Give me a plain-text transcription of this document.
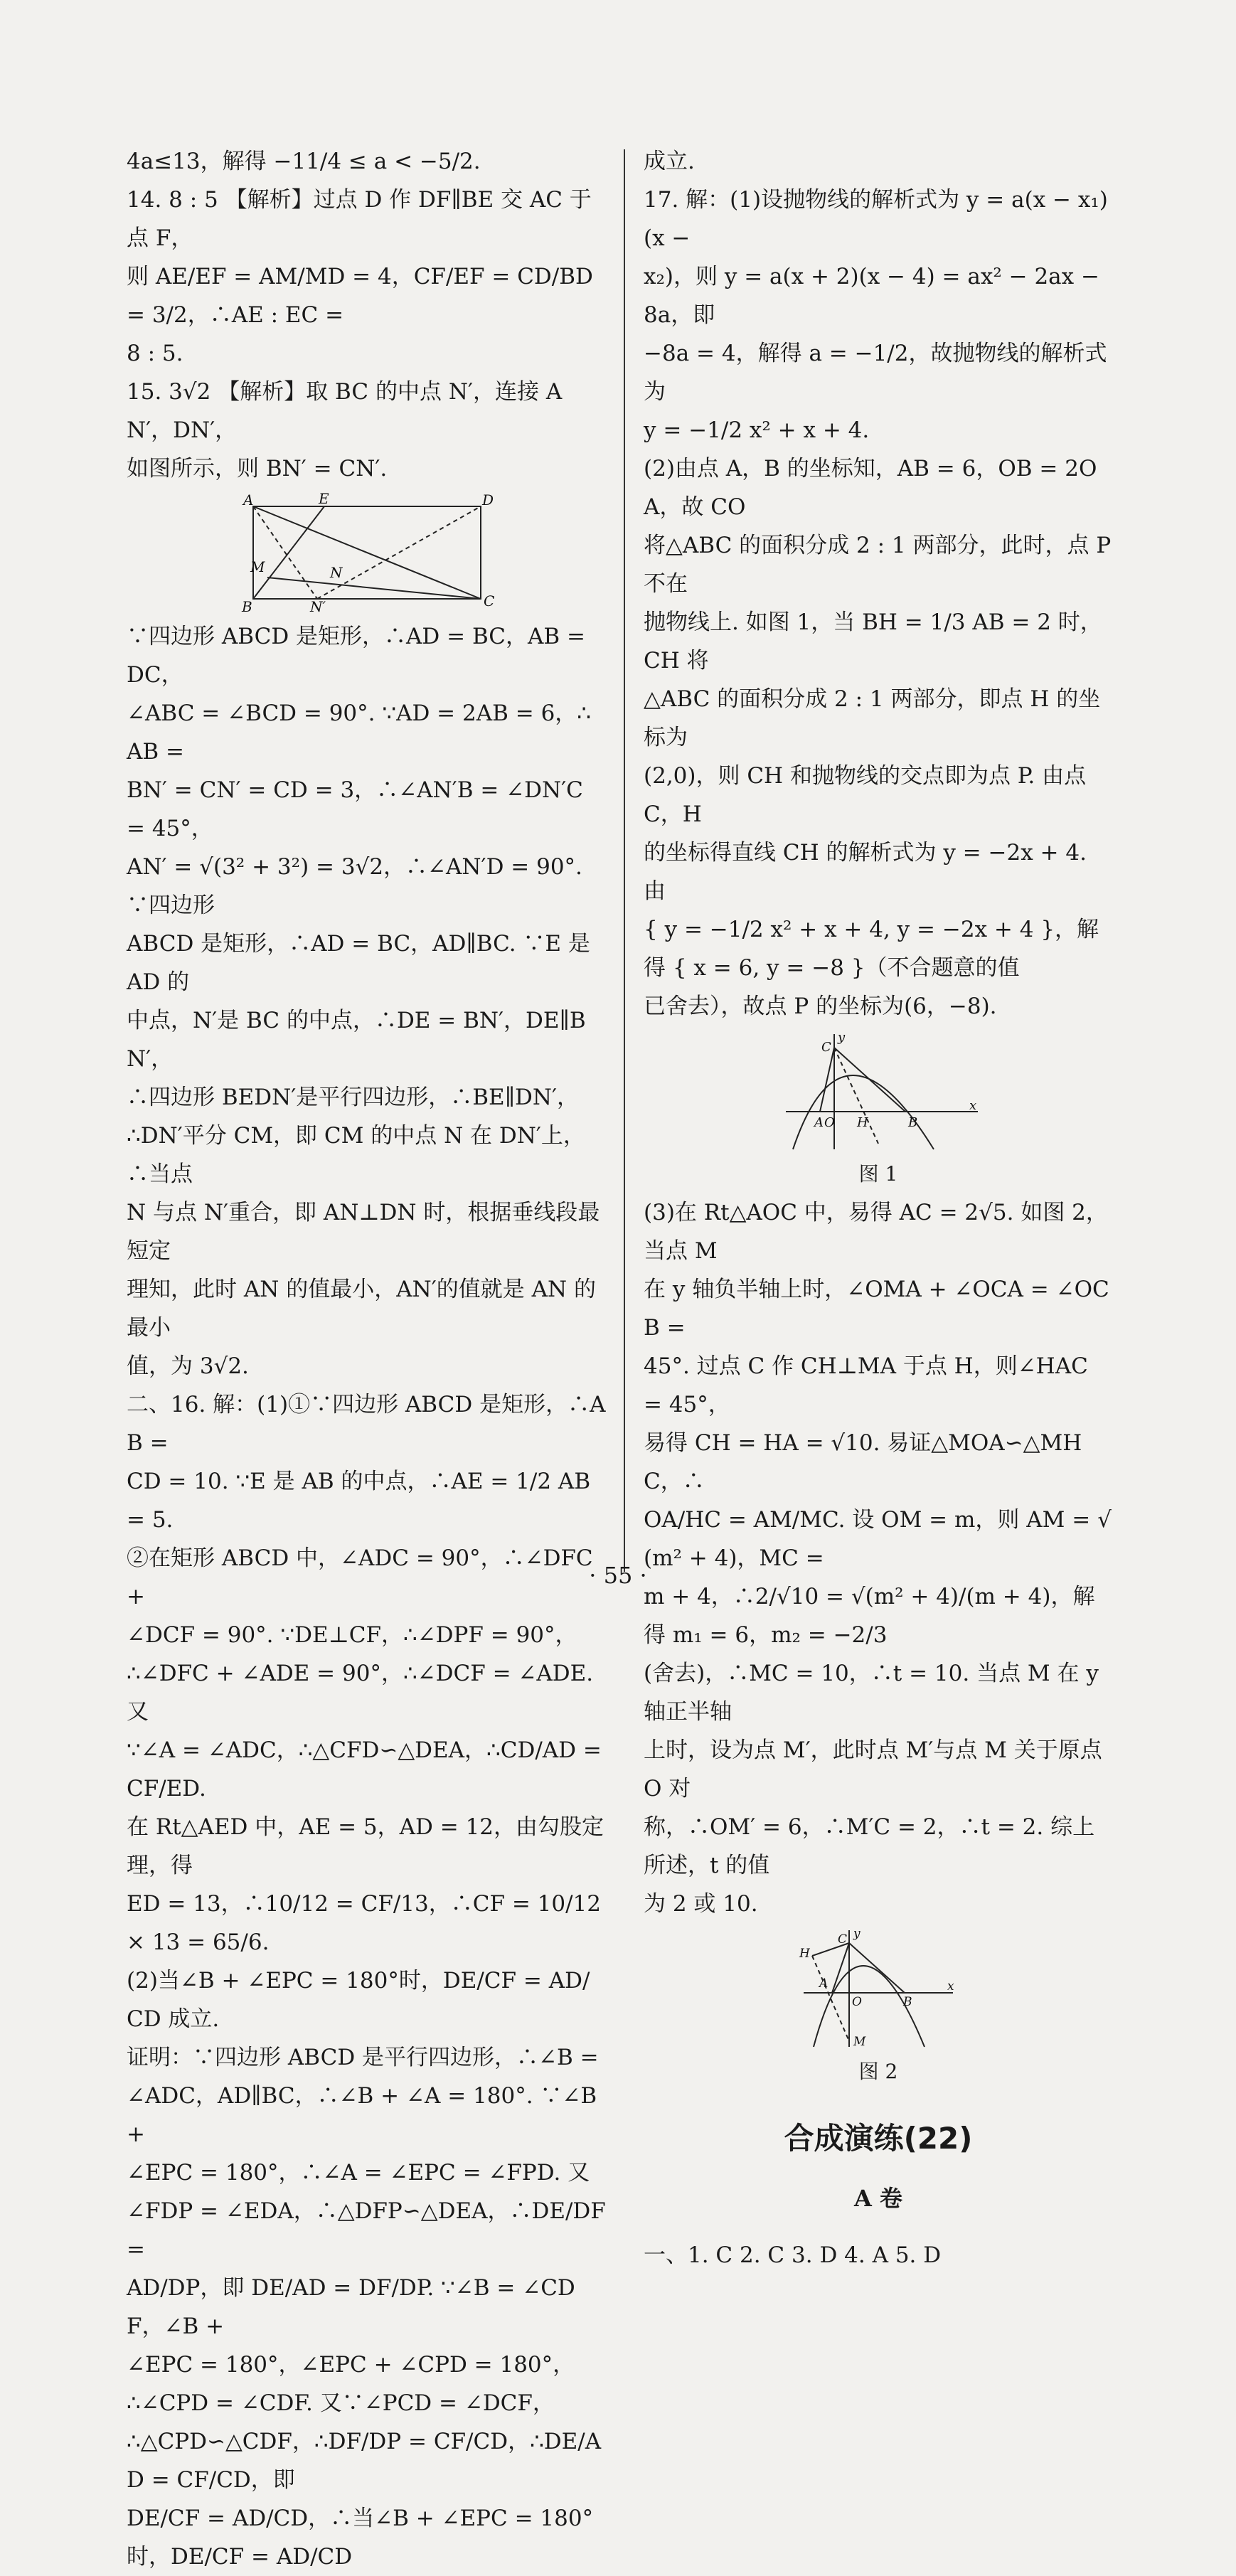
4a≤13，解得 −11/4 ≤ a < −5/2.

14. 8 : 5 【解析】过点 D 作 DF∥BE 交 AC 于点 F，

则 AE/EF = AM/MD = 4，CF/EF = CD/BD = 3/2，∴AE : EC =

8 : 5.

15. 3√2 【解析】取 BC 的中点 N′，连接 AN′，DN′，

如图所示，则 BN′ = CN′.

A	E	D
M	N
B	N′	C

∵四边形 ABCD 是矩形，∴AD = BC，AB = DC，

∠ABC = ∠BCD = 90°. ∵AD = 2AB = 6，∴AB =

BN′ = CN′ = CD = 3，∴∠AN′B = ∠DN′C = 45°，

AN′ = √(3² + 3²) = 3√2，∴∠AN′D = 90°. ∵四边形

ABCD 是矩形，∴AD = BC，AD∥BC. ∵E 是 AD 的

中点，N′是 BC 的中点，∴DE = BN′，DE∥BN′，

∴四边形 BEDN′是平行四边形，∴BE∥DN′，

∴DN′平分 CM，即 CM 的中点 N 在 DN′上，∴当点

N 与点 N′重合，即 AN⊥DN 时，根据垂线段最短定

理知，此时 AN 的值最小，AN′的值就是 AN 的最小

值，为 3√2.

二、16. 解：(1)①∵四边形 ABCD 是矩形，∴AB =

CD = 10. ∵E 是 AB 的中点，∴AE = 1/2 AB = 5.

②在矩形 ABCD 中，∠ADC = 90°，∴∠DFC +

∠DCF = 90°. ∵DE⊥CF，∴∠DPF = 90°，

∴∠DFC + ∠ADE = 90°，∴∠DCF = ∠ADE. 又

∵∠A = ∠ADC，∴△CFD∽△DEA，∴CD/AD = CF/ED.

在 Rt△AED 中，AE = 5，AD = 12，由勾股定理，得

ED = 13，∴10/12 = CF/13，∴CF = 10/12 × 13 = 65/6.

(2)当∠B + ∠EPC = 180°时，DE/CF = AD/CD 成立.

证明：∵四边形 ABCD 是平行四边形，∴∠B =

∠ADC，AD∥BC，∴∠B + ∠A = 180°. ∵∠B +

∠EPC = 180°，∴∠A = ∠EPC = ∠FPD. 又

∠FDP = ∠EDA，∴△DFP∽△DEA，∴DE/DF =

AD/DP，即 DE/AD = DF/DP. ∵∠B = ∠CDF，∠B +

∠EPC = 180°，∠EPC + ∠CPD = 180°，

∴∠CPD = ∠CDF. 又∵∠PCD = ∠DCF，

∴△CPD∽△CDF，∴DF/DP = CF/CD，∴DE/AD = CF/CD，即

DE/CF = AD/CD，∴当∠B + ∠EPC = 180°时，DE/CF = AD/CD

成立.

17. 解：(1)设抛物线的解析式为 y = a(x − x₁)(x −

x₂)，则 y = a(x + 2)(x − 4) = ax² − 2ax − 8a，即

−8a = 4，解得 a = −1/2，故抛物线的解析式为

y = −1/2 x² + x + 4.

(2)由点 A，B 的坐标知，AB = 6，OB = 2OA，故 CO

将△ABC 的面积分成 2 : 1 两部分，此时，点 P 不在

抛物线上. 如图 1，当 BH = 1/3 AB = 2 时，CH 将

△ABC 的面积分成 2 : 1 两部分，即点 H 的坐标为

(2,0)，则 CH 和抛物线的交点即为点 P. 由点 C，H

的坐标得直线 CH 的解析式为 y = −2x + 4. 由

{ y = −1/2 x² + x + 4, y = −2x + 4 }，解得 { x = 6, y = −8 }（不合题意的值

已舍去），故点 P 的坐标为(6，−8).

y
C
A O H	B
x
图 1

(3)在 Rt△AOC 中，易得 AC = 2√5. 如图 2，当点 M

在 y 轴负半轴上时，∠OMA + ∠OCA = ∠OCB =

45°. 过点 C 作 CH⊥MA 于点 H，则∠HAC = 45°，

易得 CH = HA = √10. 易证△MOA∽△MHC，∴

OA/HC = AM/MC. 设 OM = m，则 AM = √(m² + 4)，MC =

m + 4，∴2/√10 = √(m² + 4)/(m + 4)，解得 m₁ = 6，m₂ = −2/3

(舍去)，∴MC = 10，∴t = 10. 当点 M 在 y 轴正半轴

上时，设为点 M′，此时点 M′与点 M 关于原点 O 对

称，∴OM′ = 6，∴M′C = 2，∴t = 2. 综上所述，t 的值

为 2 或 10.

y
C
H
A
O	B
x
M
图 2
合成演练(22)
A 卷

一、1. C 2. C 3. D 4. A 5. D

· 55 ·
